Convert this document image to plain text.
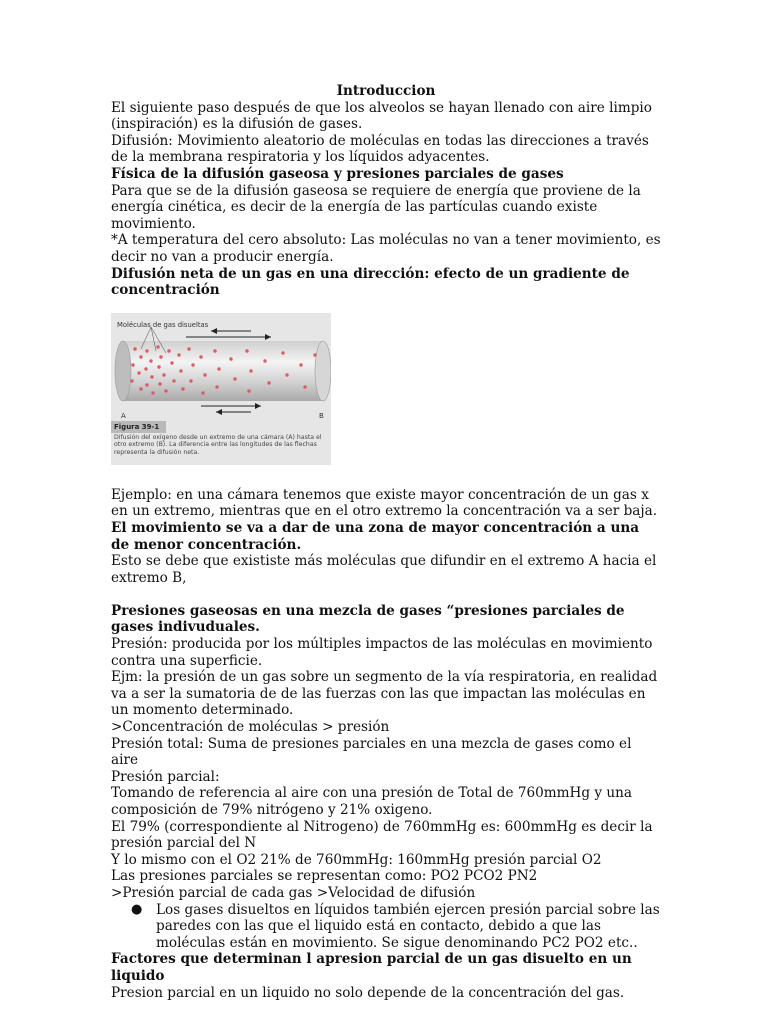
Introduccion

El siguiente paso después de que los alveolos se hayan llenado con aire limpio (inspiración) es la difusión de gases.

Difusión: Movimiento aleatorio de moléculas en todas las direcciones a través de la membrana respiratoria y los líquidos adyacentes.

Física de la difusión gaseosa y presiones parciales de gases

Para que se de la difusión gaseosa se requiere de energía que proviene de la energía cinética, es decir de la energía de las partículas cuando existe movimiento.

*A temperatura del cero absoluto: Las moléculas no van a tener movimiento, es decir no van a producir energía.

Difusión neta de un gas en una dirección: efecto de un gradiente de concentración

Moléculas de gas disueltas
A	B
Figura 39-1
Difusión del oxígeno desde un extremo de una cámara (A) hasta el otro extremo (B). La diferencia entre las longitudes de las flechas representa la difusión neta.

Ejemplo: en una cámara tenemos que existe mayor concentración de un gas x en un extremo, mientras que en el otro extremo la concentración va a ser baja. El movimiento se va a dar de una zona de mayor concentración a una de menor concentración.

Esto se debe que exististe más moléculas que difundir en el extremo A hacia el extremo B,

Presiones gaseosas en una mezcla de gases “presiones parciales de gases indivuduales.

Presión: producida por los múltiples impactos de las moléculas en movimiento contra una superficie.

Ejm: la presión de un gas sobre un segmento de la vía respiratoria, en realidad va a ser la sumatoria de de las fuerzas con las que impactan las moléculas en un momento determinado.

>Concentración de moléculas > presión

Presión total: Suma de presiones parciales en una mezcla de gases como el aire

Presión parcial:

Tomando de referencia al aire con una presión de Total de 760mmHg y una composición de 79% nitrógeno y 21% oxigeno.

El 79% (correspondiente al Nitrogeno) de 760mmHg es: 600mmHg es decir la presión parcial del N

Y lo mismo con el O2 21% de 760mmHg: 160mmHg presión parcial O2

Las presiones parciales se representan como: PO2 PCO2 PN2

>Presión parcial de cada gas >Velocidad de difusión

●	Los gases disueltos en líquidos también ejercen presión parcial sobre las paredes con las que el liquido está en contacto, debido a que las moléculas están en movimiento. Se sigue denominando PC2 PO2 etc..

Factores que determinan l apresion parcial de un gas disuelto en un liquido

Presion parcial en un liquido no solo depende de la concentración del gas.
